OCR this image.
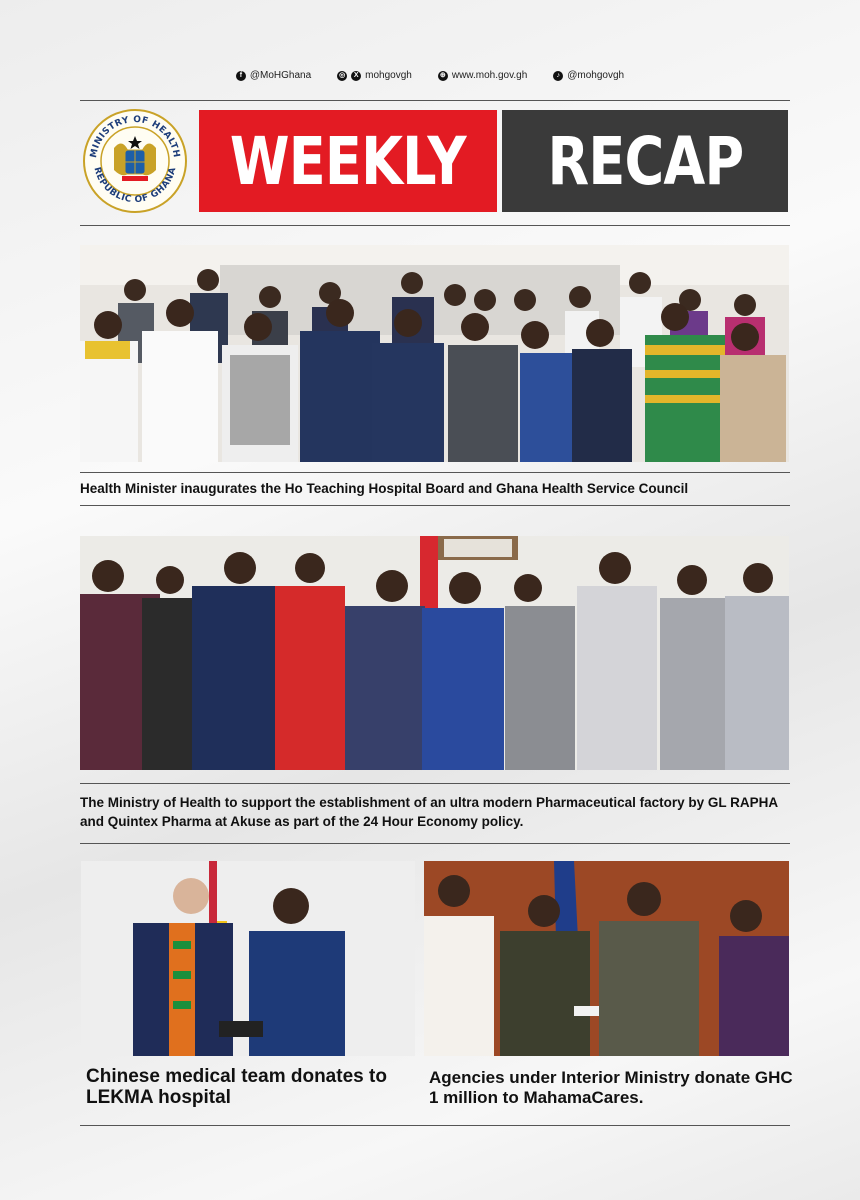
f @MoHGhana	◎	X mohgovgh	⊕ www.moh.gov.gh	♪ @mohgovgh
MINISTRY OF HEALTH
REPUBLIC OF GHANA WEEKLY RECAP
Health Minister inaugurates the Ho Teaching Hospital Board and Ghana Health Service Council
The Ministry of Health to support the establishment of an ultra modern Pharmaceutical factory by GL RAPHA and Quintex Pharma at Akuse as part of the 24 Hour Economy policy.
Chinese medical team donates to LEKMA hospital
Agencies under Interior Ministry donate GHC 1 million to MahamaCares.
